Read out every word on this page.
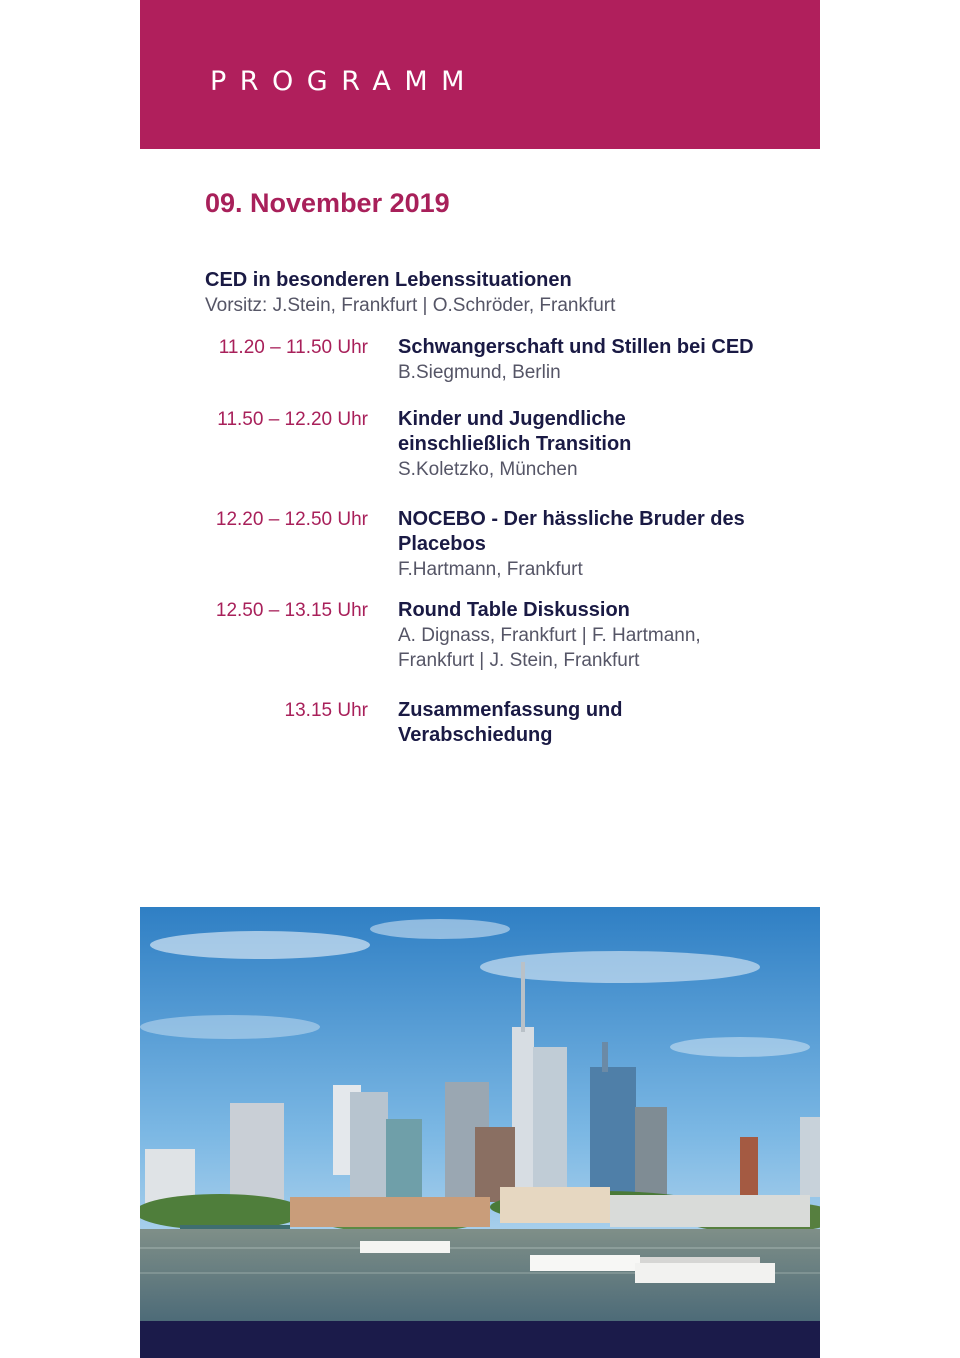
PROGRAMM
09. November 2019
CED in besonderen Lebenssituationen
Vorsitz: J.Stein, Frankfurt | O.Schröder, Frankfurt
11.20 – 11.50 Uhr Schwangerschaft und Stillen bei CED
B.Siegmund, Berlin
11.50 – 12.20 Uhr Kinder und Jugendliche
einschließlich Transition
S.Koletzko, München
12.20 – 12.50 Uhr NOCEBO - Der hässliche Bruder des
Placebos
F.Hartmann, Frankfurt
12.50 – 13.15 Uhr Round Table Diskussion
A. Dignass, Frankfurt | F. Hartmann,
Frankfurt | J. Stein, Frankfurt
13.15 Uhr Zusammenfassung und
Verabschiedung
